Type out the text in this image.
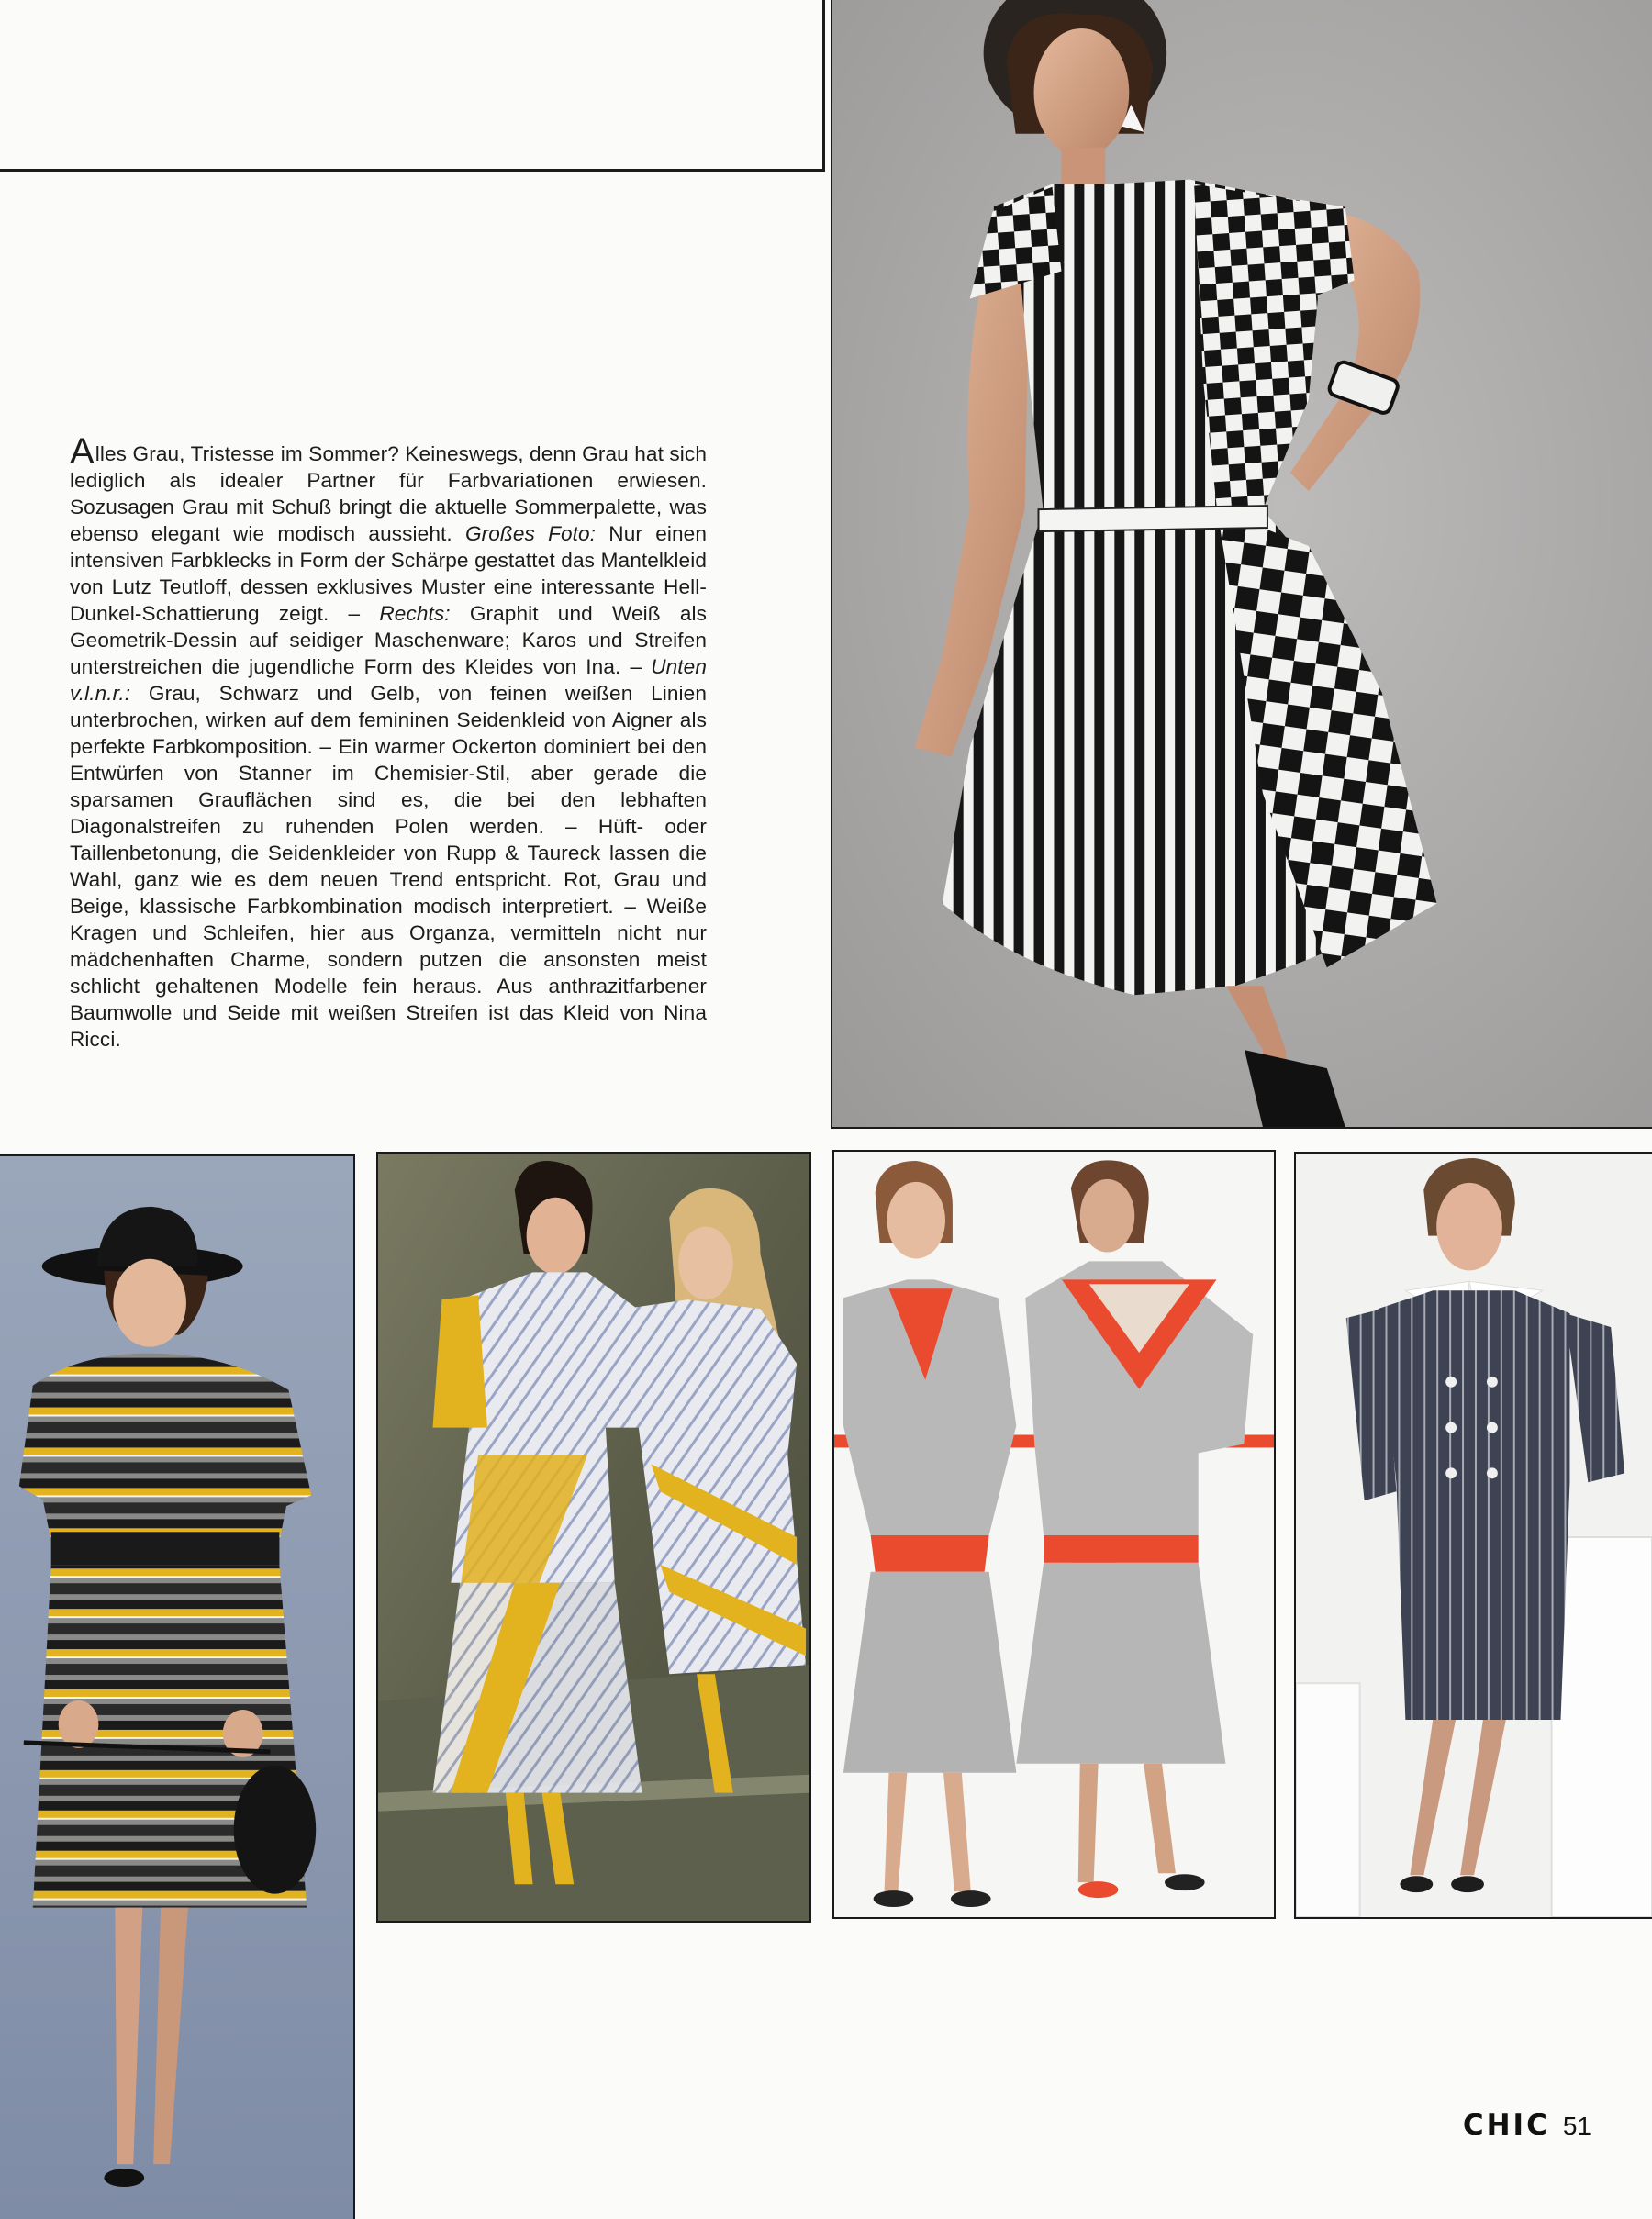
Alles Grau, Tristesse im Sommer? Keineswegs, denn Grau hat sich lediglich als idealer Partner für Farbvariationen erwiesen. Sozusagen Grau mit Schuß bringt die aktuelle Sommerpalette, was ebenso elegant wie modisch aussieht. Großes Foto: Nur einen intensiven Farbklecks in Form der Schärpe gestattet das Mantelkleid von Lutz Teutloff, dessen exklusives Muster eine interessante Hell-Dunkel-Schattierung zeigt. – Rechts: Graphit und Weiß als Geometrik-Dessin auf seidiger Maschenware; Karos und Streifen unterstreichen die jugendliche Form des Kleides von Ina. – Unten v.l.n.r.: Grau, Schwarz und Gelb, von feinen weißen Linien unterbrochen, wirken auf dem femininen Seidenkleid von Aigner als perfekte Farbkomposition. – Ein warmer Ockerton dominiert bei den Entwürfen von Stanner im Chemisier-Stil, aber gerade die sparsamen Grauflächen sind es, die bei den lebhaften Diagonalstreifen zu ruhenden Polen werden. – Hüft- oder Taillenbetonung, die Seidenkleider von Rupp & Taureck lassen die Wahl, ganz wie es dem neuen Trend entspricht. Rot, Grau und Beige, klassische Farbkombination modisch interpretiert. – Weiße Kragen und Schleifen, hier aus Organza, vermitteln nicht nur mädchenhaften Charme, sondern putzen die ansonsten meist schlicht gehaltenen Modelle fein heraus. Aus anthrazitfarbener Baumwolle und Seide mit weißen Streifen ist das Kleid von Nina Ricci.
CHIC 51
